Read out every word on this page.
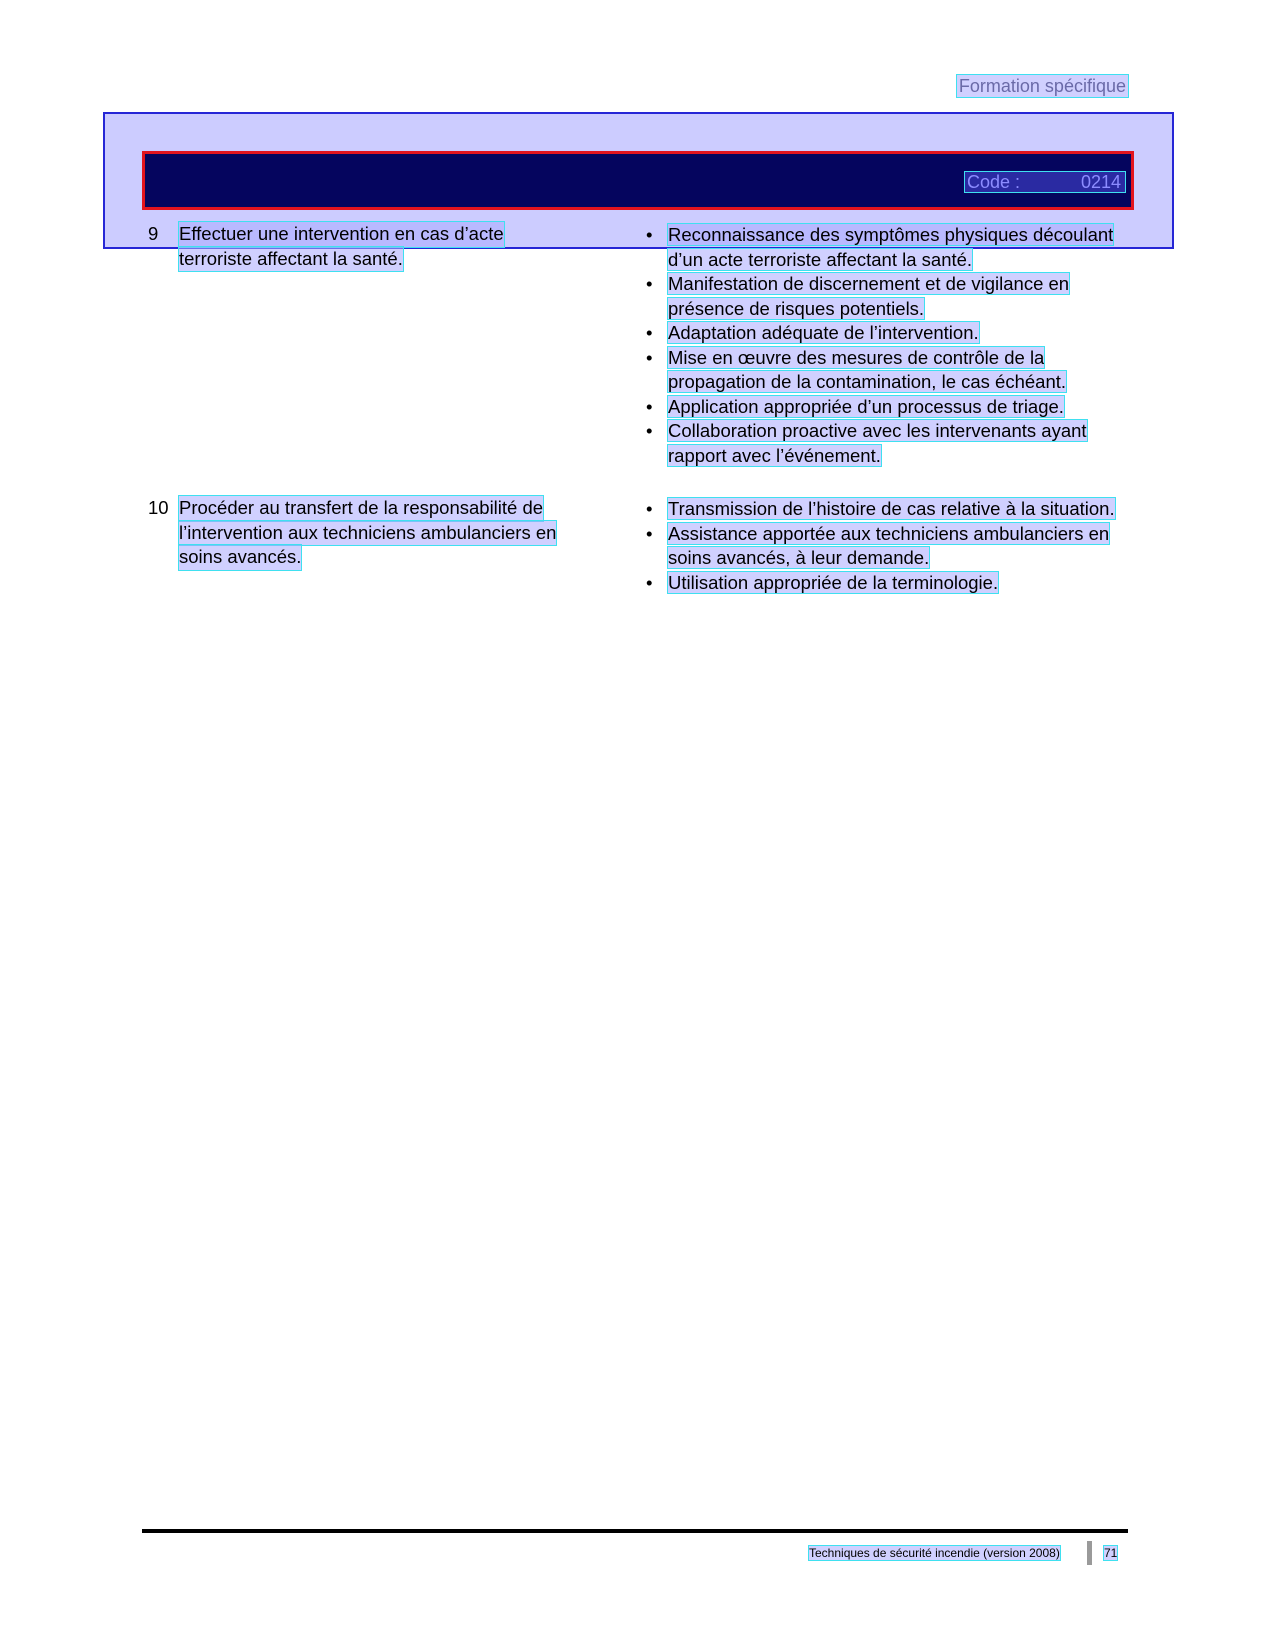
Formation spécifique
Code :	0214
9 Effectuer une intervention en cas d’acte
terroriste affectant la santé.
• Reconnaissance des symptômes physiques découlant d’un acte terroriste affectant la santé.
• Manifestation de discernement et de vigilance en présence de risques potentiels.
• Adaptation adéquate de l’intervention.
• Mise en œuvre des mesures de contrôle de la propagation de la contamination, le cas échéant.
• Application appropriée d’un processus de triage.
• Collaboration proactive avec les intervenants ayant rapport avec l’événement.
10 Procéder au transfert de la responsabilité de
l’intervention aux techniciens ambulanciers en
soins avancés.
• Transmission de l’histoire de cas relative à la situation.
• Assistance apportée aux techniciens ambulanciers en soins avancés, à leur demande.
• Utilisation appropriée de la terminologie.
Techniques de sécurité incendie (version 2008)	71
